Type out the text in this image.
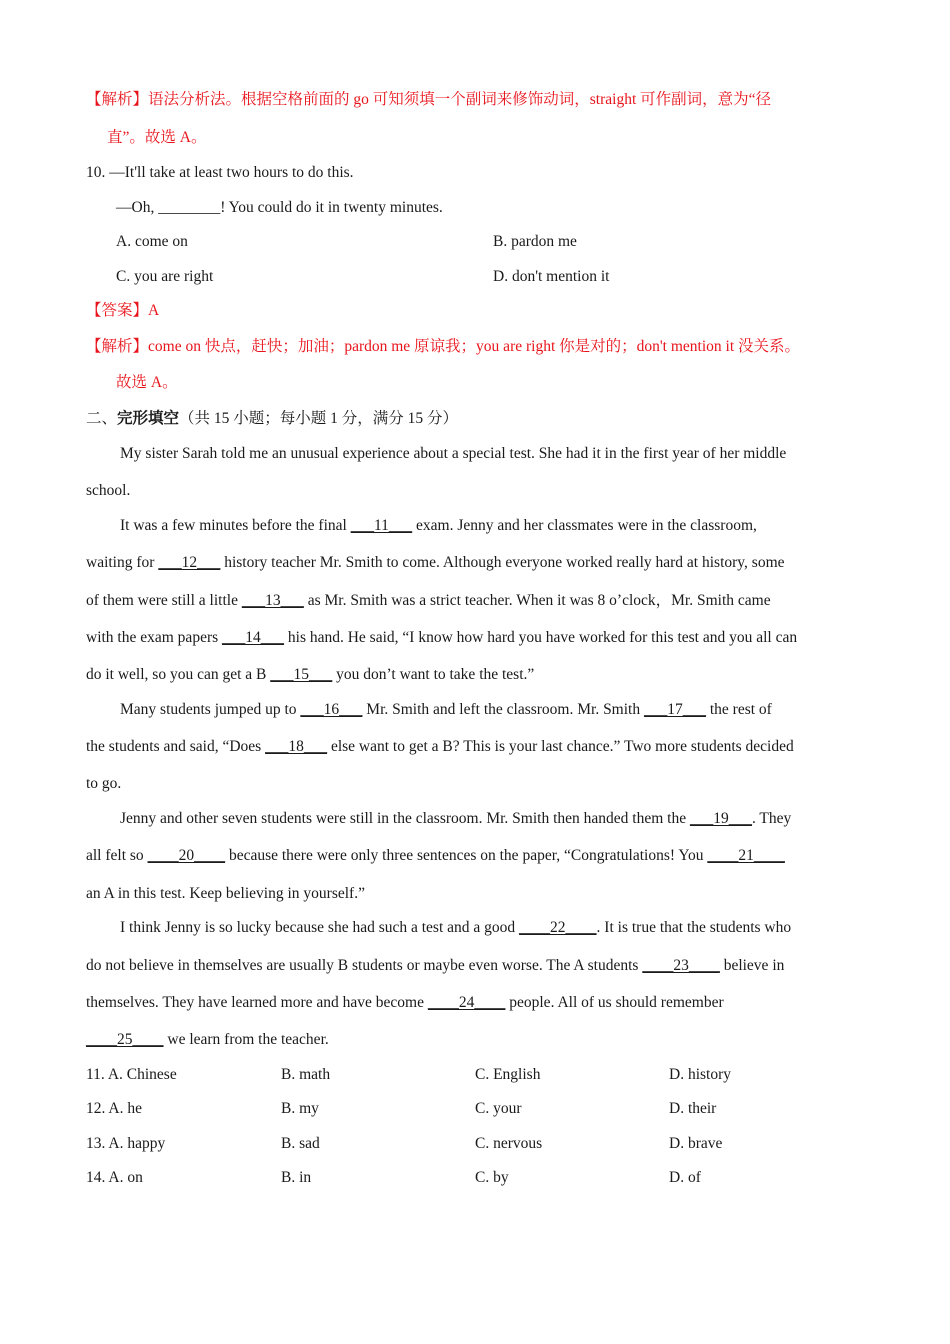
【解析】语法分析法。根据空格前面的 go 可知须填一个副词来修饰动词，straight 可作副词，意为“径
直”。故选 A。
10. —It'll take at least two hours to do this.
—Oh, ________! You could do it in twenty minutes.
A. come on	B. pardon me
C. you are right	D. don't mention it
【答案】A
【解析】come on 快点，赶快；加油；pardon me 原谅我；you are right 你是对的；don't mention it 没关系。
故选 A。
二、完形填空（共 15 小题；每小题 1 分，满分 15 分）
My sister Sarah told me an unusual experience about a special test. She had it in the first year of her middle
school.
It was a few minutes before the final ___11___ exam. Jenny and her classmates were in the classroom,
waiting for ___12___ history teacher Mr. Smith to come. Although everyone worked really hard at history, some
of them were still a little ___13___ as Mr. Smith was a strict teacher. When it was 8 o’clock，Mr. Smith came
with the exam papers ___14___ his hand. He said, “I know how hard you have worked for this test and you all can
do it well, so you can get a B ___15___ you don’t want to take the test.”
Many students jumped up to ___16___ Mr. Smith and left the classroom. Mr. Smith ___17___ the rest of
the students and said, “Does ___18___ else want to get a B? This is your last chance.” Two more students decided
to go.
Jenny and other seven students were still in the classroom. Mr. Smith then handed them the ___19___. They
all felt so ____20____ because there were only three sentences on the paper, “Congratulations! You ____21____
an A in this test. Keep believing in yourself.”
I think Jenny is so lucky because she had such a test and a good ____22____. It is true that the students who
do not believe in themselves are usually B students or maybe even worse. The A students ____23____ believe in
themselves. They have learned more and have become ____24____ people. All of us should remember
____25____ we learn from the teacher.
11. A. Chinese	B. math	C. English	D. history
12. A. he	B. my	C. your	D. their
13. A. happy	B. sad	C. nervous	D. brave
14. A. on	B. in	C. by	D. of
